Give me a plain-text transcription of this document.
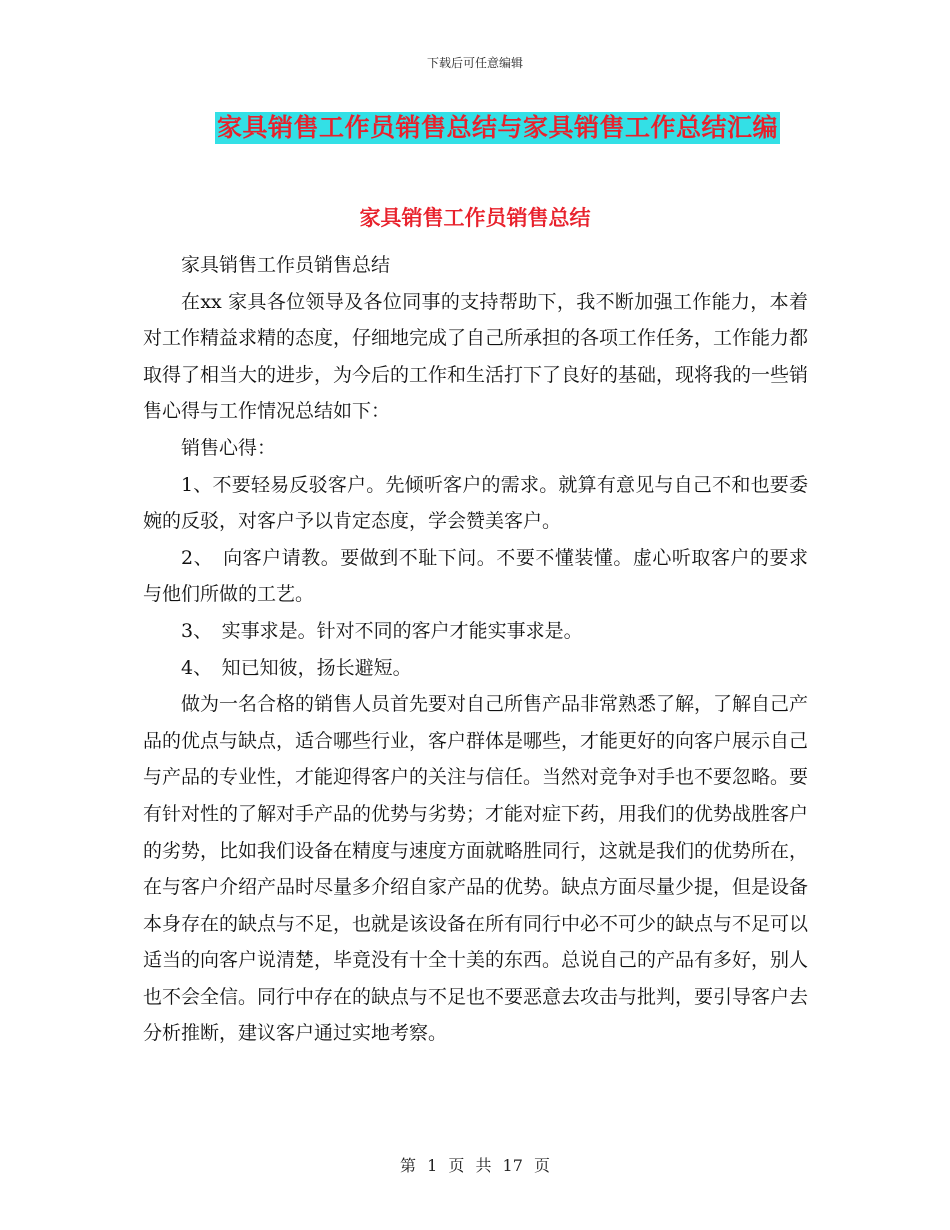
下载后可任意编辑
家具销售工作员销售总结与家具销售工作总结汇编
家具销售工作员销售总结

家具销售工作员销售总结

在xx 家具各位领导及各位同事的支持帮助下，我不断加强工作能力，本着对工作精益求精的态度，仔细地完成了自己所承担的各项工作任务，工作能力都取得了相当大的进步，为今后的工作和生活打下了良好的基础，现将我的一些销售心得与工作情况总结如下：

销售心得：

1、不要轻易反驳客户。先倾听客户的需求。就算有意见与自己不和也要委婉的反驳，对客户予以肯定态度，学会赞美客户。

2、　向客户请教。要做到不耻下问。不要不懂装懂。虚心听取客户的要求与他们所做的工艺。

3、　实事求是。针对不同的客户才能实事求是。

4、　知已知彼，扬长避短。

做为一名合格的销售人员首先要对自己所售产品非常熟悉了解，了解自己产品的优点与缺点，适合哪些行业，客户群体是哪些，才能更好的向客户展示自己与产品的专业性，才能迎得客户的关注与信任。当然对竞争对手也不要忽略。要有针对性的了解对手产品的优势与劣势；才能对症下药，用我们的优势战胜客户的劣势，比如我们设备在精度与速度方面就略胜同行，这就是我们的优势所在，在与客户介绍产品时尽量多介绍自家产品的优势。缺点方面尽量少提，但是设备本身存在的缺点与不足，也就是该设备在所有同行中必不可少的缺点与不足可以适当的向客户说清楚，毕竟没有十全十美的东西。总说自己的产品有多好，别人也不会全信。同行中存在的缺点与不足也不要恶意去攻击与批判，要引导客户去分析推断，建议客户通过实地考察。

第 1 页 共 17 页
